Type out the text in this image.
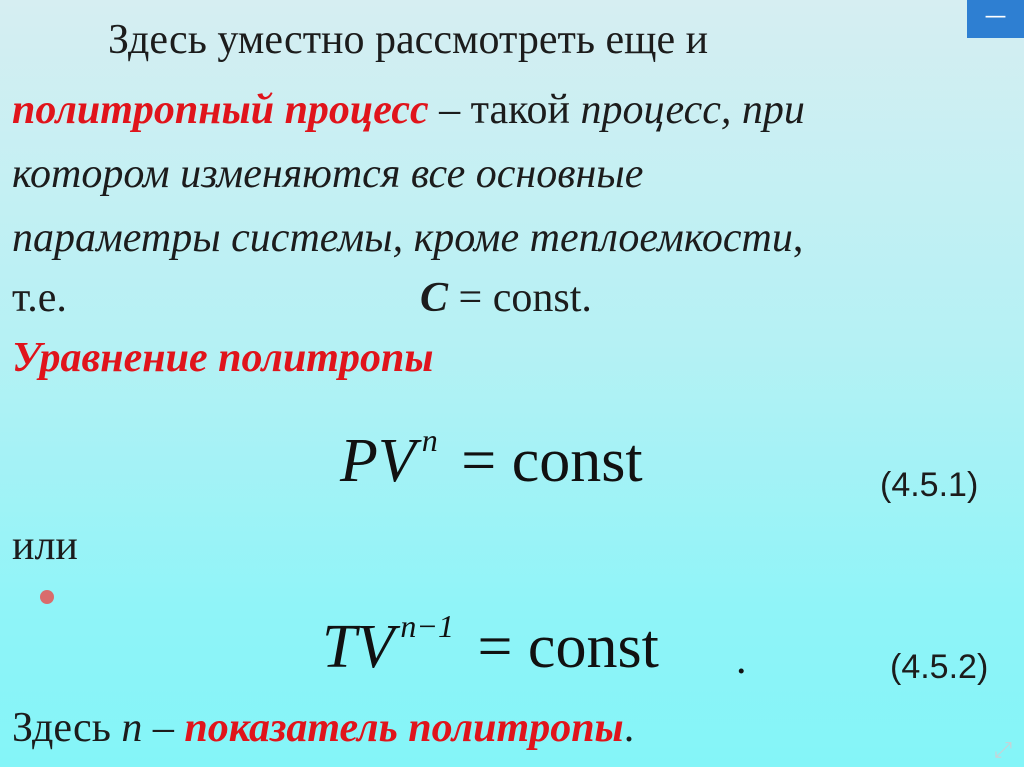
Здесь уместно рассмотреть еще и
политропный процесс – такой процесс, при
котором изменяются все основные
параметры системы, кроме теплоемкости,
т.е.	C = const.
Уравнение политропы
PV $^n$ = const	(4.5.1)
или
TV $^{n-1}$ = const .	(4.5.2)
Здесь n – показатель политропы.
—
⤢
